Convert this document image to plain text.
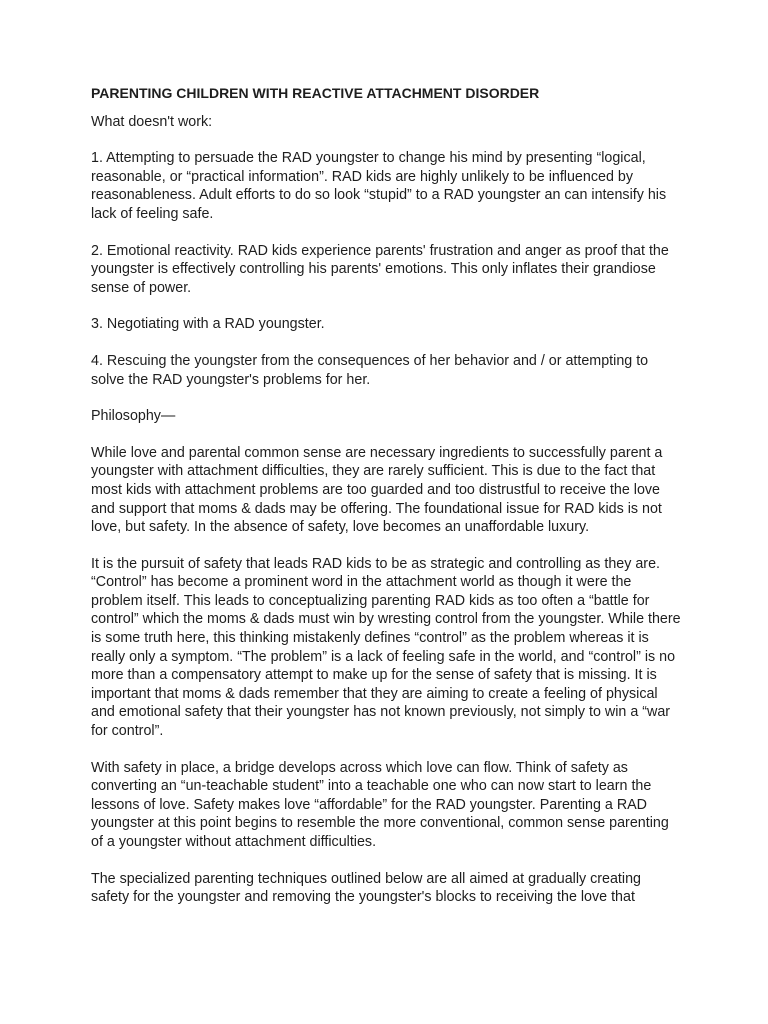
PARENTING CHILDREN WITH REACTIVE ATTACHMENT DISORDER

What doesn't work:

1. Attempting to persuade the RAD youngster to change his mind by presenting “logical, reasonable, or “practical information”. RAD kids are highly unlikely to be influenced by reasonableness. Adult efforts to do so look “stupid” to a RAD youngster an can intensify his lack of feeling safe.

2. Emotional reactivity. RAD kids experience parents' frustration and anger as proof that the youngster is effectively controlling his parents' emotions. This only inflates their grandiose sense of power.

3. Negotiating with a RAD youngster.

4. Rescuing the youngster from the consequences of her behavior and / or attempting to solve the RAD youngster's problems for her.

Philosophy—

While love and parental common sense are necessary ingredients to successfully parent a youngster with attachment difficulties, they are rarely sufficient. This is due to the fact that most kids with attachment problems are too guarded and too distrustful to receive the love and support that moms & dads may be offering. The foundational issue for RAD kids is not love, but safety. In the absence of safety, love becomes an unaffordable luxury.

It is the pursuit of safety that leads RAD kids to be as strategic and controlling as they are. “Control” has become a prominent word in the attachment world as though it were the problem itself. This leads to conceptualizing parenting RAD kids as too often a “battle for control” which the moms & dads must win by wresting control from the youngster. While there is some truth here, this thinking mistakenly defines “control” as the problem whereas it is really only a symptom. “The problem” is a lack of feeling safe in the world, and “control” is no more than a compensatory attempt to make up for the sense of safety that is missing. It is important that moms & dads remember that they are aiming to create a feeling of physical and emotional safety that their youngster has not known previously, not simply to win a “war for control”.

With safety in place, a bridge develops across which love can flow. Think of safety as converting an “un-teachable student” into a teachable one who can now start to learn the lessons of love. Safety makes love “affordable” for the RAD youngster. Parenting a RAD youngster at this point begins to resemble the more conventional, common sense parenting of a youngster without attachment difficulties.

The specialized parenting techniques outlined below are all aimed at gradually creating safety for the youngster and removing the youngster's blocks to receiving the love that
